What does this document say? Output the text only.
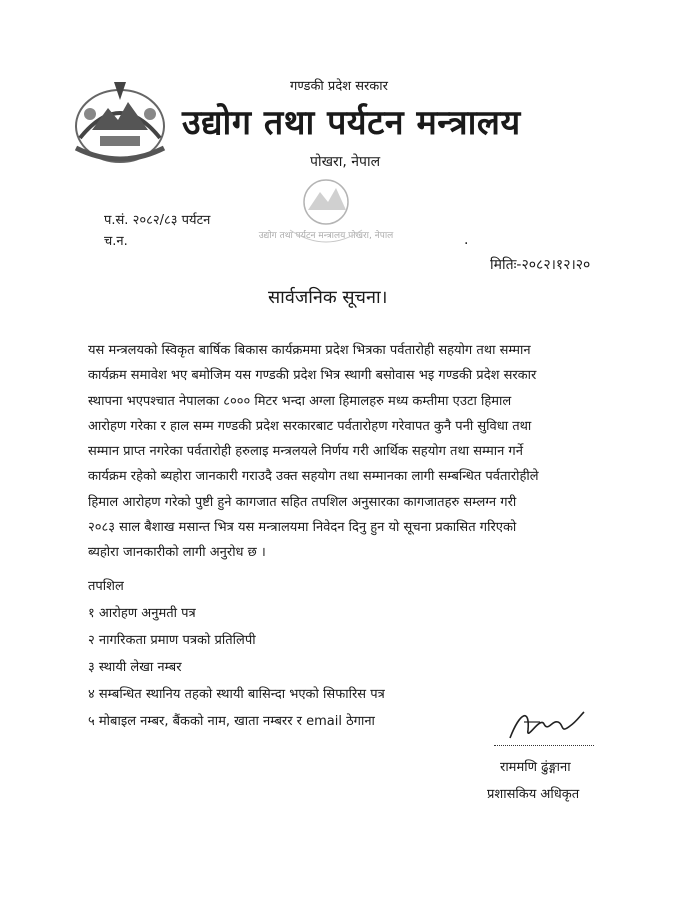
गण्डकी प्रदेश सरकार
उद्योग तथा पर्यटन मन्त्रालय
पोखरा, नेपाल
उद्योग तथा पर्यटन मन्त्रालय पोखरा, नेपाल
प.सं. २०८२/८३ पर्यटन
च.न.	.
मितिः-२०८२।१२।२०
सार्वजनिक सूचना।

यस मन्त्रलयको स्विकृत बार्षिक बिकास कार्यक्रममा प्रदेश भित्रका पर्वतारोही सहयोग तथा सम्मान

कार्यक्रम समावेश भए बमोजिम यस गण्डकी प्रदेश भित्र स्थागी बसोवास भइ गण्डकी प्रदेश सरकार

स्थापना भएपश्चात नेपालका ८००० मिटर भन्दा अग्ला हिमालहरु मध्य कम्तीमा एउटा हिमाल

आरोहण गरेका र हाल सम्म गण्डकी प्रदेश सरकारबाट पर्वतारोहण गरेवापत कुनै पनी सुविधा तथा

सम्मान प्राप्त नगरेका पर्वतारोही हरुलाइ मन्त्रलयले निर्णय गरी आर्थिक सहयोग तथा सम्मान गर्ने

कार्यक्रम रहेको ब्यहोरा जानकारी गराउदै उक्त सहयोग तथा सम्मानका लागी सम्बन्धित पर्वतारोहीले

हिमाल आरोहण गरेको पुष्टी हुने कागजात सहित तपशिल अनुसारका कागजातहरु सम्लग्न गरी

२०८३ साल बैशाख मसान्त भित्र यस मन्त्रालयमा निवेदन दिनु हुन यो सूचना प्रकासित गरिएको

ब्यहोरा जानकारीको लागी अनुरोध छ ।

तपशिल
१ आरोहण अनुमती पत्र
२ नागरिकता प्रमाण पत्रको प्रतिलिपी
३ स्थायी लेखा नम्बर
४ सम्बन्धित स्थानिय तहको स्थायी बासिन्दा भएको सिफारिस पत्र
५ मोबाइल नम्बर, बैंकको नाम, खाता नम्बरर र email ठेगाना
राममणि ढुंङ्गाना
प्रशासकिय अधिकृत
